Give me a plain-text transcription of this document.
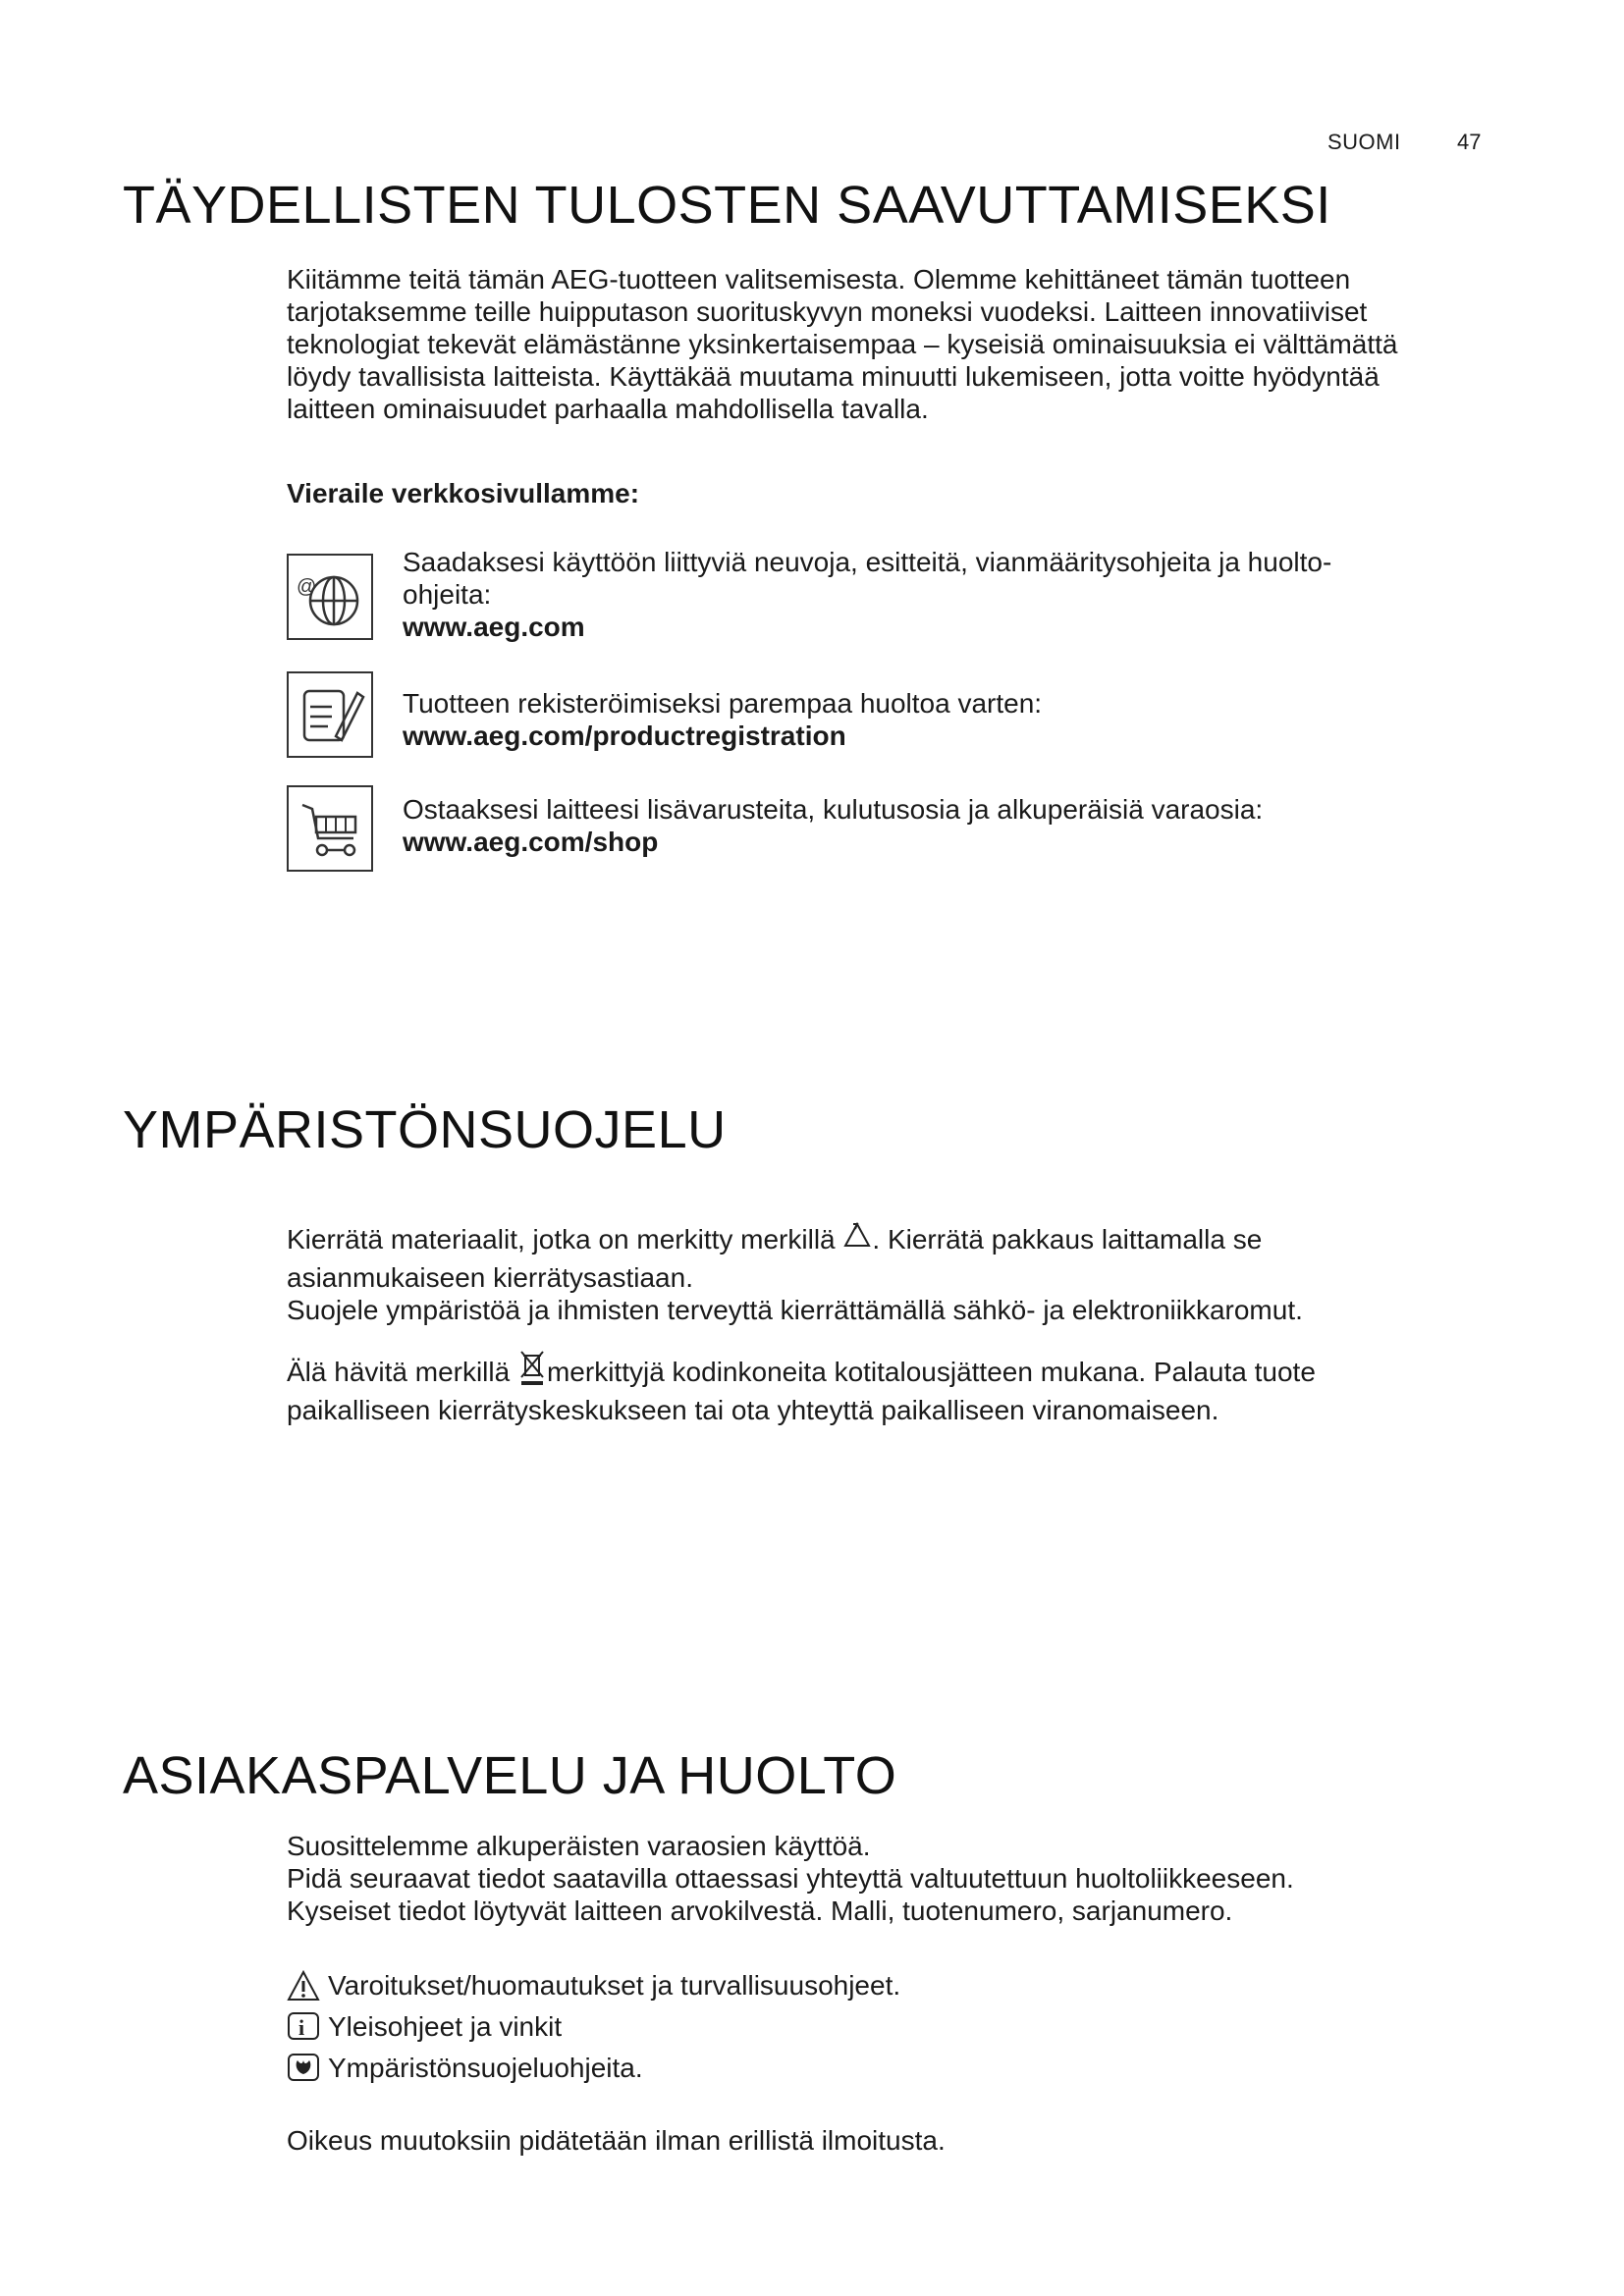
SUOMI	47
TÄYDELLISTEN TULOSTEN SAAVUTTAMISEKSI

Kiitämme teitä tämän AEG-tuotteen valitsemisesta. Olemme kehittäneet tämän tuotteen

tarjotaksemme teille huipputason suorituskyvyn moneksi vuodeksi. Laitteen innovatiiviset

teknologiat tekevät elämästänne yksinkertaisempaa – kyseisiä ominaisuuksia ei välttämättä

löydy tavallisista laitteista. Käyttäkää muutama minuutti lukemiseen, jotta voitte hyödyntää

laitteen ominaisuudet parhaalla mahdollisella tavalla.

Vieraile verkkosivullamme:
@

Saadaksesi käyttöön liittyviä neuvoja, esitteitä, vianmääritysohjeita ja huolto-

ohjeita:

www.aeg.com

Tuotteen rekisteröimiseksi parempaa huoltoa varten:

www.aeg.com/productregistration

Ostaaksesi laitteesi lisävarusteita, kulutusosia ja alkuperäisiä varaosia:

www.aeg.com/shop

YMPÄRISTÖNSUOJELU

Kierrätä materiaalit, jotka on merkitty merkillä . Kierrätä pakkaus laittamalla se

asianmukaiseen kierrätysastiaan.

Suojele ympäristöä ja ihmisten terveyttä kierrättämällä sähkö- ja elektroniikkaromut.

Älä hävitä merkillä merkittyjä kodinkoneita kotitalousjätteen mukana. Palauta tuote

paikalliseen kierrätyskeskukseen tai ota yhteyttä paikalliseen viranomaiseen.

ASIAKASPALVELU JA HUOLTO

Suosittelemme alkuperäisten varaosien käyttöä.

Pidä seuraavat tiedot saatavilla ottaessasi yhteyttä valtuutettuun huoltoliikkeeseen.

Kyseiset tiedot löytyvät laitteen arvokilvestä. Malli, tuotenumero, sarjanumero.

Varoitukset/huomautukset ja turvallisuusohjeet.
i Yleisohjeet ja vinkit
Ympäristönsuojeluohjeita.
Oikeus muutoksiin pidätetään ilman erillistä ilmoitusta.
